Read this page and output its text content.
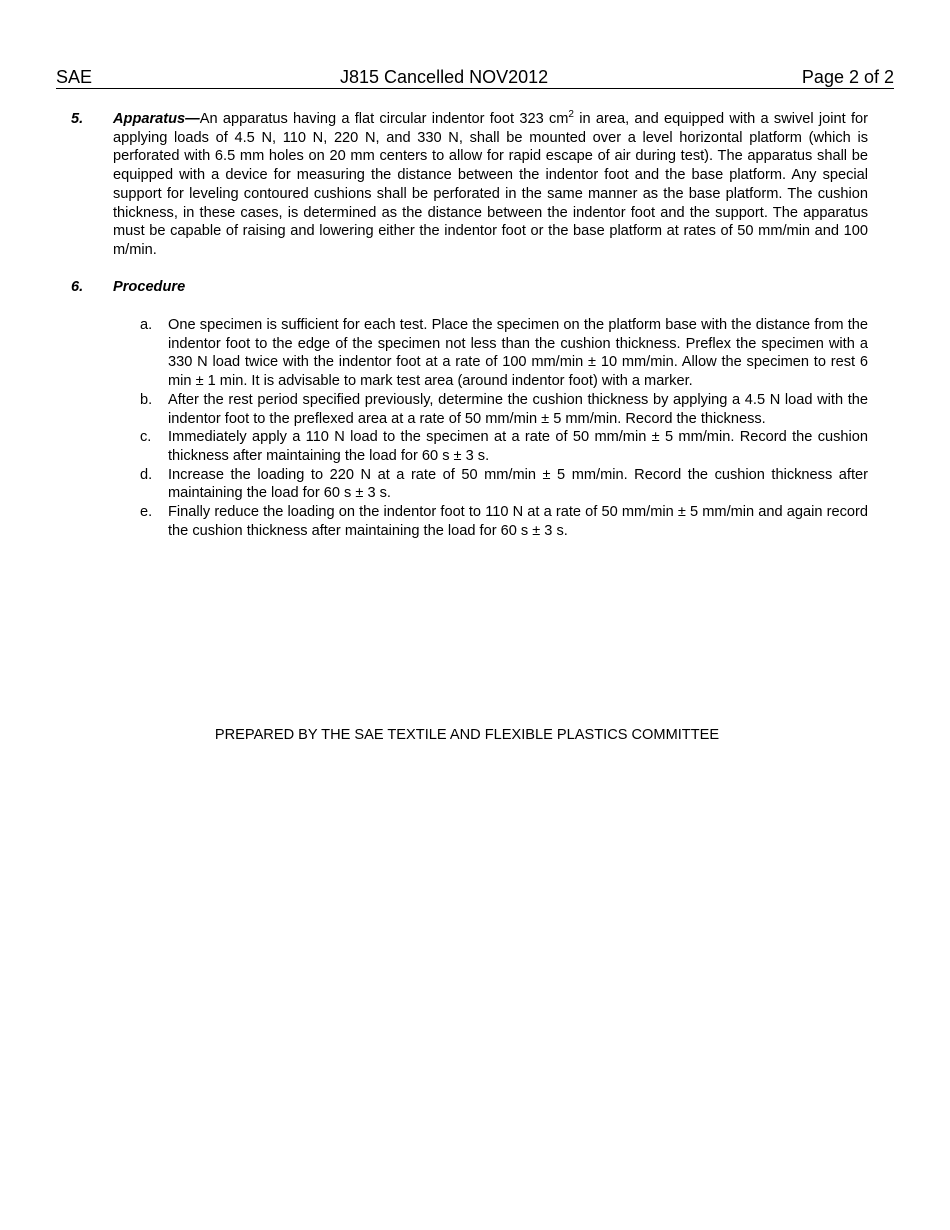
SAE	J815 Cancelled NOV2012	Page 2 of 2
5. Apparatus—An apparatus having a flat circular indentor foot 323 $cm^2$ in area, and equipped with a swivel joint for applying loads of 4.5 N, 110 N, 220 N, and 330 N, shall be mounted over a level horizontal platform (which is perforated with 6.5 mm holes on 20 mm centers to allow for rapid escape of air during test). The apparatus shall be equipped with a device for measuring the distance between the indentor foot and the base platform. Any special support for leveling contoured cushions shall be perforated in the same manner as the base platform. The cushion thickness, in these cases, is determined as the distance between the indentor foot and the support. The apparatus must be capable of raising and lowering either the indentor foot or the base platform at rates of 50 mm/min and 100 m/min.
6. Procedure
a. One specimen is sufficient for each test. Place the specimen on the platform base with the distance from the indentor foot to the edge of the specimen not less than the cushion thickness. Preflex the specimen with a 330 N load twice with the indentor foot at a rate of 100 mm/min ± 10 mm/min. Allow the specimen to rest 6 min ± 1 min. It is advisable to mark test area (around indentor foot) with a marker.
b. After the rest period specified previously, determine the cushion thickness by applying a 4.5 N load with the indentor foot to the preflexed area at a rate of 50 mm/min ± 5 mm/min. Record the thickness.
c. Immediately apply a 110 N load to the specimen at a rate of 50 mm/min ± 5 mm/min. Record the cushion thickness after maintaining the load for 60 s ± 3 s.
d. Increase the loading to 220 N at a rate of 50 mm/min ± 5 mm/min. Record the cushion thickness after maintaining the load for 60 s ± 3 s.
e. Finally reduce the loading on the indentor foot to 110 N at a rate of 50 mm/min ± 5 mm/min and again record the cushion thickness after maintaining the load for 60 s ± 3 s.
PREPARED BY THE SAE TEXTILE AND FLEXIBLE PLASTICS COMMITTEE
